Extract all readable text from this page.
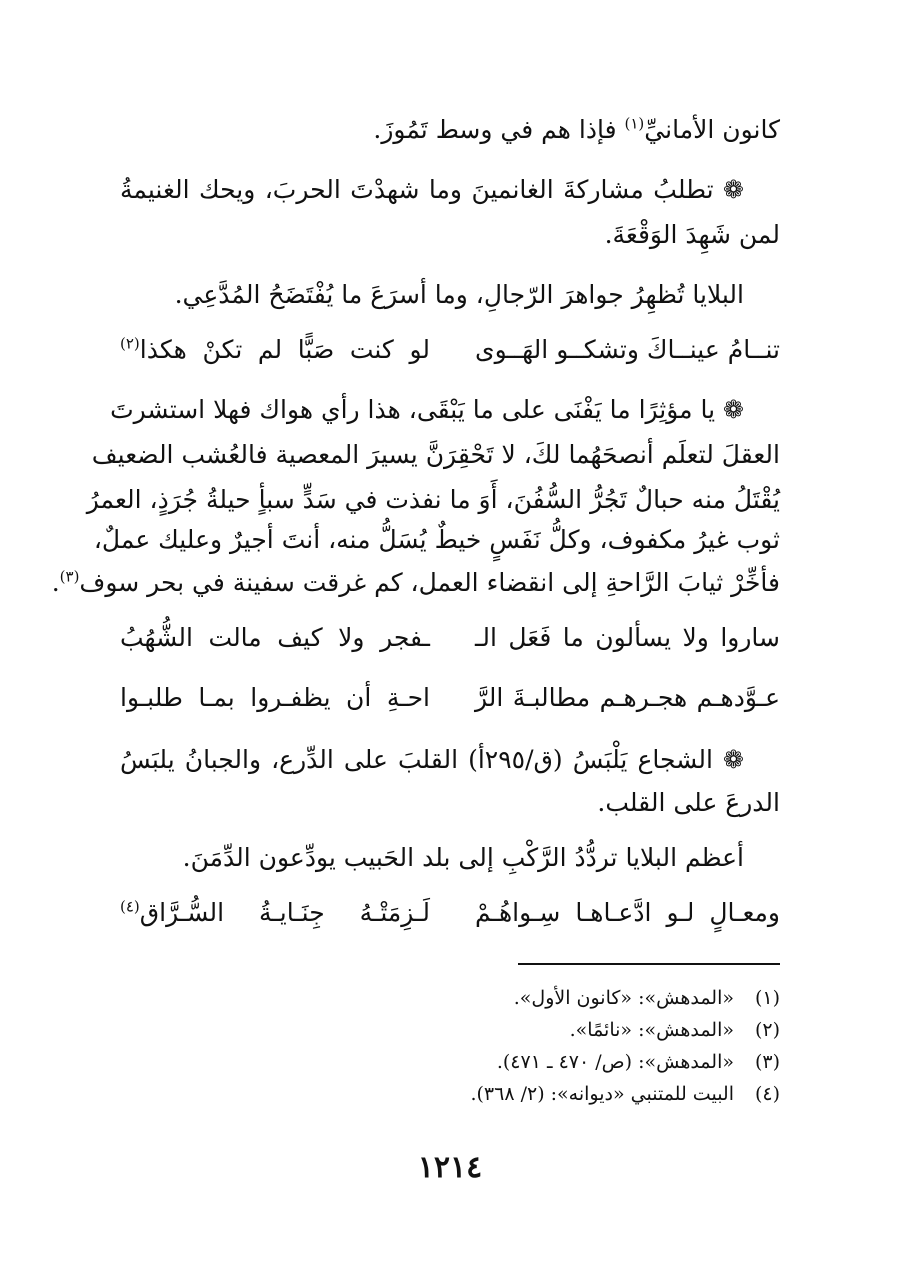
كانون الأمانيِّ$^{(١)}$ فإذا هم في وسط تَمُوزَ.
❁ تطلبُ مشاركةَ الغانمينَ وما شهدْتَ الحربَ، ويحك الغنيمةُ
لمن شَهِدَ الوَقْعَةَ.
البلايا تُظهِرُ جواهرَ الرّجالِ، وما أسرَعَ ما يُفْتَضَحُ المُدَّعِي.
تنــامُ عينــاكَ وتشكــو الهَــوى
لو كنت صَبًّا لم تكنْ هكذا$^{(٢)}$
❁ يا مؤثِرًا ما يَفْنَى على ما يَبْقَى، هذا رأي هواك فهلا استشرتَ
العقلَ لتعلَم أنصحَهُما لكَ، لا تَحْقِرَنَّ يسيرَ المعصية فالعُشب الضعيف
يُقْتَلُ منه حبالٌ تَجُرُّ السُّفُنَ، أَوَ ما نفذت في سَدٍّ سبأٍ حيلةُ جُرَذٍ، العمرُ
ثوب غيرُ مكفوف، وكلُّ نَفَسٍ خيطٌ يُسَلُّ منه، أنتَ أجيرٌ وعليك عملٌ،
فأخِّرْ ثيابَ الرَّاحةِ إلى انقضاء العمل، كم غرقت سفينة في بحر سوف$^{(٣)}$.
ساروا ولا يسألون ما فَعَل الـ
ـفجر ولا كيف مالت الشُّهُبُ
عـوَّدهـم هجـرهـم مطالبـةَ الرَّ
احـةِ أن يظفـروا بمـا طلبـوا
❁ الشجاع يَلْبَسُ (ق/٢٩٥أ) القلبَ على الدِّرع، والجبانُ يلبَسُ
الدرعَ على القلب.
أعظم البلايا تردُّدُ الرَّكْبِ إلى بلد الحَبيب يودِّعون الدِّمَنَ.
ومعـالٍ لـو ادَّعـاهـا سِـواهُـمْ
لَـزِمَتْـهُ جِنَـايـةُ السُّـرَّاق$^{(٤)}$
(١)«المدهش»: «كانون الأول».
(٢)«المدهش»: «نائمًا».
(٣)«المدهش»: (ص/ ٤٧٠ ـ ٤٧١).
(٤)البيت للمتنبي «ديوانه»: (٢/ ٣٦٨).
١٢١٤
